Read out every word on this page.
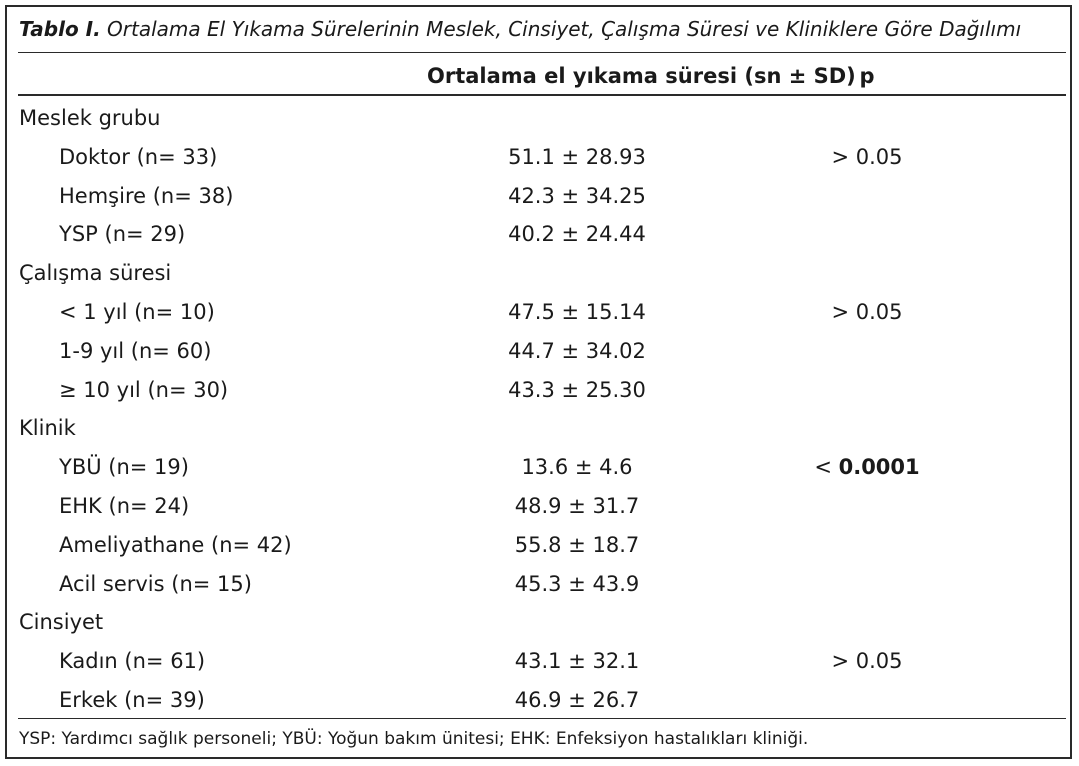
Tablo I. Ortalama El Yıkama Sürelerinin Meslek, Cinsiyet, Çalışma Süresi ve Kliniklere Göre Dağılımı
Ortalama el yıkama süresi (sn ± SD) p
Meslek grubu
Doktor (n= 33)	51.1 ± 28.93	> 0.05
Hemşire (n= 38)	42.3 ± 34.25
YSP (n= 29)	40.2 ± 24.44
Çalışma süresi
< 1 yıl (n= 10)	47.5 ± 15.14	> 0.05
1-9 yıl (n= 60)	44.7 ± 34.02
≥ 10 yıl (n= 30)	43.3 ± 25.30
Klinik
YBÜ (n= 19)	13.6 ± 4.6	< 0.0001
EHK (n= 24)	48.9 ± 31.7
Ameliyathane (n= 42)	55.8 ± 18.7
Acil servis (n= 15)	45.3 ± 43.9
Cinsiyet
Kadın (n= 61)	43.1 ± 32.1	> 0.05
Erkek (n= 39)	46.9 ± 26.7
YSP: Yardımcı sağlık personeli; YBÜ: Yoğun bakım ünitesi; EHK: Enfeksiyon hastalıkları kliniği.
